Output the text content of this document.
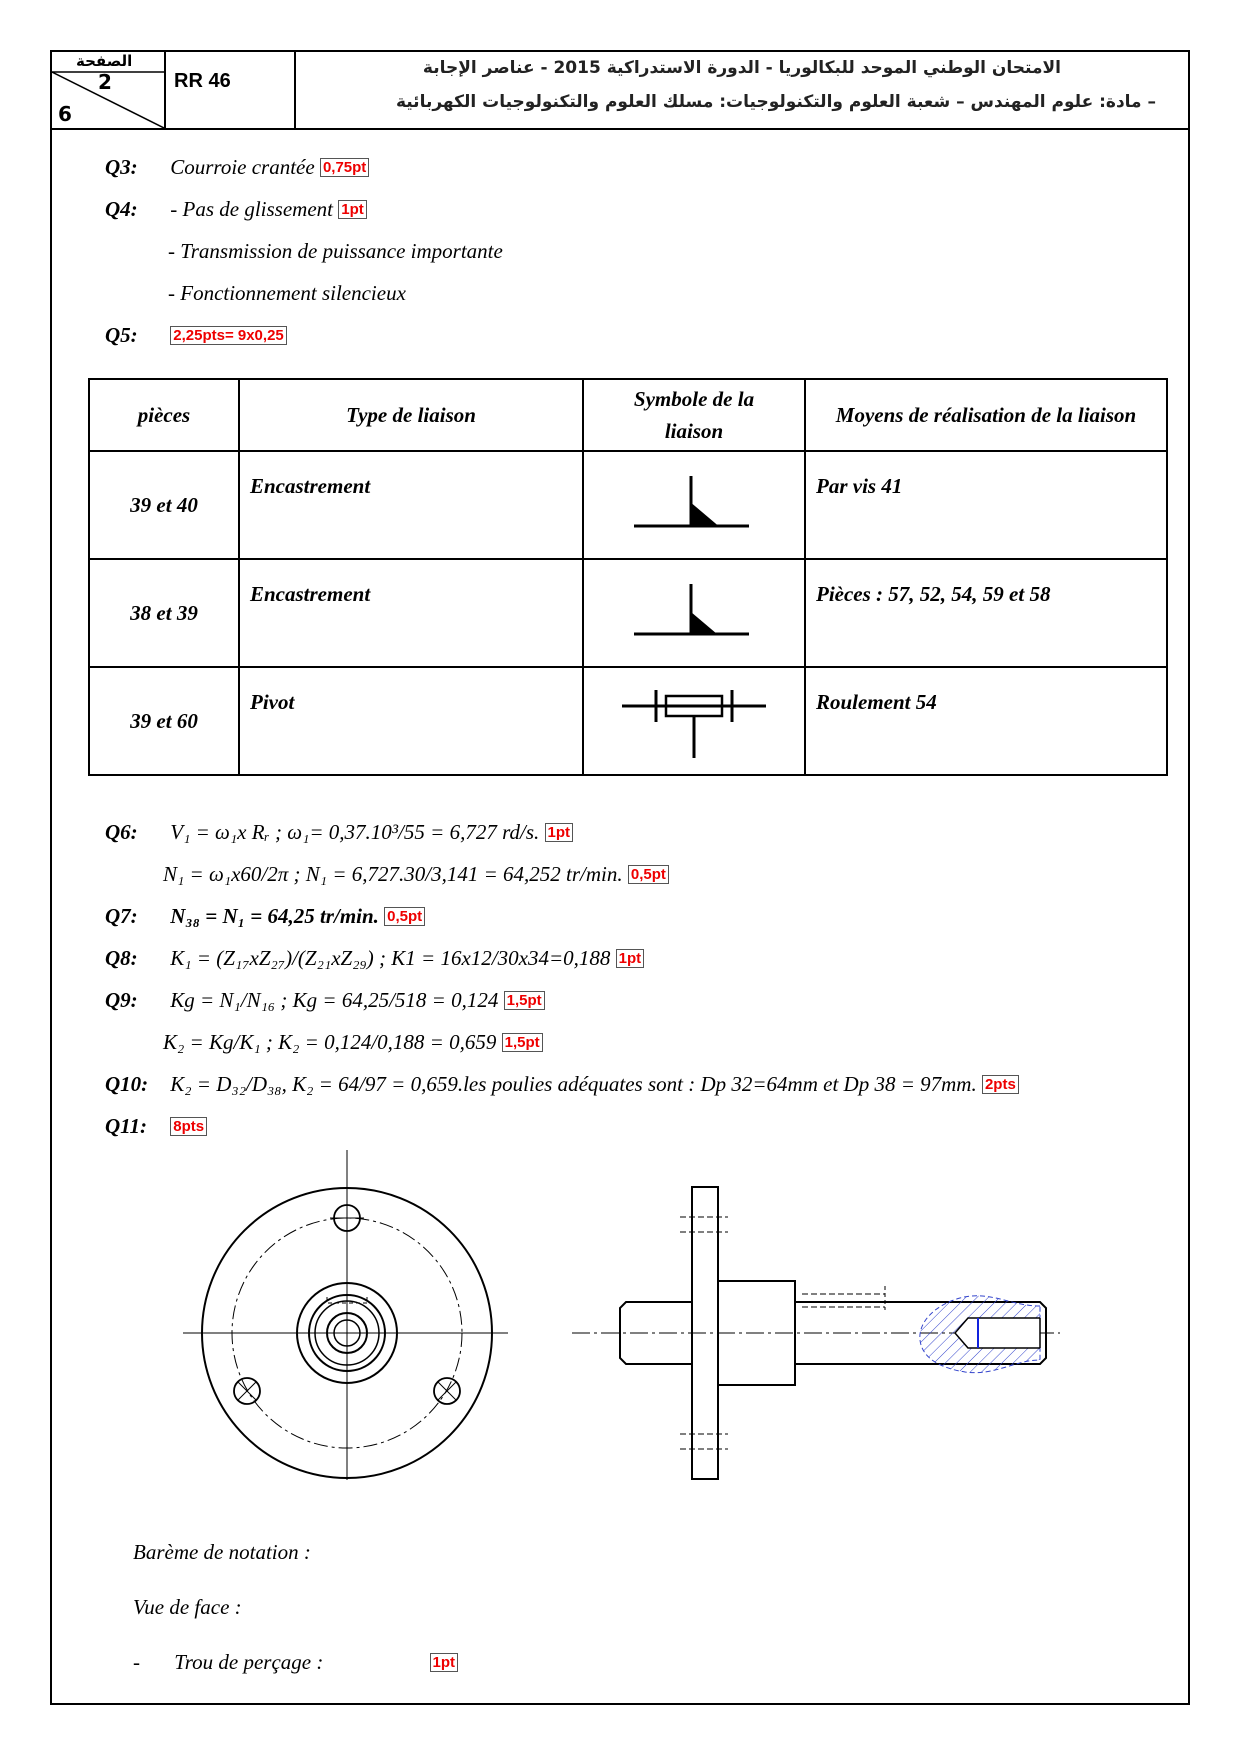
الصفحة
2
6
RR 46
الامتحان الوطني الموحد للبكالوريا - الدورة الاستدراكية 2015 - عناصر الإجابة
– مادة: علوم المهندس – شعبة العلوم والتكنولوجيات: مسلك العلوم والتكنولوجيات الكهربائية
Q3: Courroie crantée 0,75pt
Q4: - Pas de glissement 1pt
- Transmission de puissance importante
- Fonctionnement silencieux
Q5: 2,25pts= 9x0,25
pièces	Type de liaison	Symbole de la liaison	Moyens de réalisation de la liaison
39 et 40	Encastrement		Par vis 41
38 et 39	Encastrement		Pièces : 57, 52, 54, 59 et 58
39 et 60	Pivot		Roulement 54
Q6: V₁ = ω₁x Rᵣ ; ω₁= 0,37.10³/55 = 6,727 rd/s. 1pt
N₁ = ω₁x60/2π ; N₁ = 6,727.30/3,141 = 64,252 tr/min. 0,5pt
Q7: N₃₈ = N₁ = 64,25 tr/min. 0,5pt
Q8: K₁ = (Z₁₇xZ₂₇)/(Z₂₁xZ₂₉) ; K1 = 16x12/30x34=0,188 1pt
Q9: Kg = N₁/N₁₆ ; Kg = 64,25/518 = 0,124 1,5pt
K₂ = Kg/K₁ ; K₂ = 0,124/0,188 = 0,659 1,5pt
Q10: K₂ = D₃₂/D₃₈, K₂ = 64/97 = 0,659.les poulies adéquates sont : Dp 32=64mm et Dp 38 = 97mm. 2pts
Q11: 8pts
Barème de notation :
Vue de face :
- Trou de perçage :	1pt
